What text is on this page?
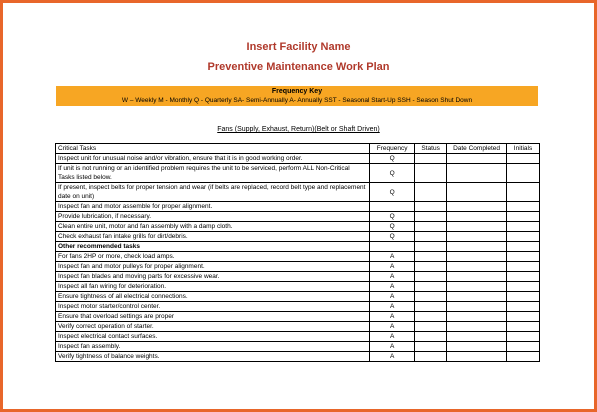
Insert Facility Name
Preventive Maintenance Work Plan
Frequency Key
W – Weekly M - Monthly Q - Quarterly SA- Semi-Annually A- Annually SST - Seasonal Start-Up SSH - Season Shut Down
Fans (Supply, Exhaust, Return)(Belt or Shaft Driven)
Critical Tasks	Frequency	Status	Date Completed	Initials
Inspect unit for unusual noise and/or vibration, ensure that it is in good working order.	Q			
If unit is not running or an identified problem requires the unit to be serviced, perform ALL Non-Critical Tasks listed below.	Q			
If present, inspect belts for proper tension and wear (if belts are replaced, record belt type and replacement date on unit)	Q			
Inspect fan and motor assemble for proper alignment.				
Provide lubrication, if necessary.	Q			
Clean entire unit, motor and fan assembly with a damp cloth.	Q			
Check exhaust fan intake grills for dirt/debris.	Q			
Other recommended tasks				
For fans 2HP or more, check load amps.	A			
Inspect fan and motor pulleys for proper alignment.	A			
Inspect fan blades and moving parts for excessive wear.	A			
Inspect all fan wiring for deterioration.	A			
Ensure tightness of all electrical connections.	A			
Inspect motor starter/control center.	A			
Ensure that overload settings are proper	A			
Verify correct operation of starter.	A			
Inspect electrical contact surfaces.	A			
Inspect fan assembly.	A			
Verify tightness of balance weights.	A			
